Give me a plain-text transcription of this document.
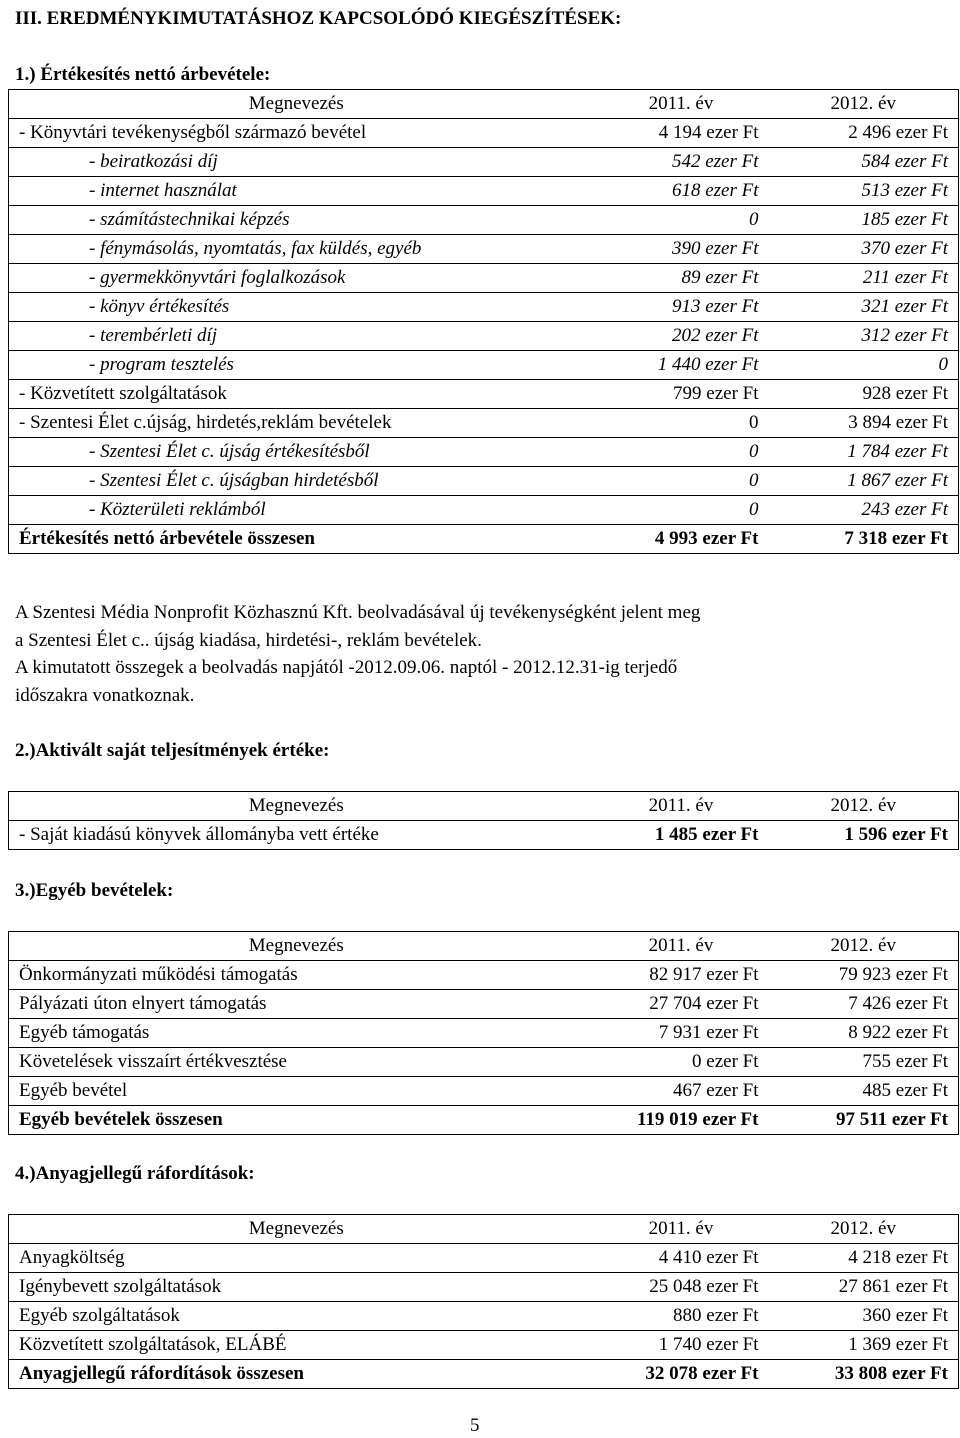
III. EREDMÉNYKIMUTATÁSHOZ KAPCSOLÓDÓ KIEGÉSZÍTÉSEK:
1.) Értékesítés nettó árbevétele:
Megnevezés	2011. év	2012. év
- Könyvtári tevékenységből származó bevétel	4 194 ezer Ft	2 496 ezer Ft
- beiratkozási díj	542 ezer Ft	584 ezer Ft
- internet használat	618 ezer Ft	513 ezer Ft
- számítástechnikai képzés	0	185 ezer Ft
- fénymásolás, nyomtatás, fax küldés, egyéb	390 ezer Ft	370 ezer Ft
- gyermekkönyvtári foglalkozások	89 ezer Ft	211 ezer Ft
- könyv értékesítés	913 ezer Ft	321 ezer Ft
- terembérleti díj	202 ezer Ft	312 ezer Ft
- program tesztelés	1 440 ezer Ft	0
- Közvetített szolgáltatások	799 ezer Ft	928 ezer Ft
- Szentesi Élet c.újság, hirdetés,reklám bevételek	0	3 894 ezer Ft
- Szentesi Élet c. újság értékesítésből	0	1 784 ezer Ft
- Szentesi Élet c. újságban hirdetésből	0	1 867 ezer Ft
- Közterületi reklámból	0	243 ezer Ft
Értékesítés nettó árbevétele összesen	4 993 ezer Ft	7 318 ezer Ft
A Szentesi Média Nonprofit Közhasznú Kft. beolvadásával új tevékenységként jelent meg
a Szentesi Élet c.. újság kiadása, hirdetési-, reklám bevételek.
A kimutatott összegek a beolvadás napjától -2012.09.06. naptól - 2012.12.31-ig terjedő
időszakra vonatkoznak.
2.)Aktivált saját teljesítmények értéke:
Megnevezés	2011. év	2012. év
- Saját kiadású könyvek állományba vett értéke	1 485 ezer Ft	1 596 ezer Ft
3.)Egyéb bevételek:
Megnevezés	2011. év	2012. év
Önkormányzati működési támogatás	82 917 ezer Ft	79 923 ezer Ft
Pályázati úton elnyert támogatás	27 704 ezer Ft	7 426 ezer Ft
Egyéb támogatás	7 931 ezer Ft	8 922 ezer Ft
Követelések visszaírt értékvesztése	0 ezer Ft	755 ezer Ft
Egyéb bevétel	467 ezer Ft	485 ezer Ft
Egyéb bevételek összesen	119 019 ezer Ft	97 511 ezer Ft
4.)Anyagjellegű ráfordítások:
Megnevezés	2011. év	2012. év
Anyagköltség	4 410 ezer Ft	4 218 ezer Ft
Igénybevett szolgáltatások	25 048 ezer Ft	27 861 ezer Ft
Egyéb szolgáltatások	880 ezer Ft	360 ezer Ft
Közvetített szolgáltatások, ELÁBÉ	1 740 ezer Ft	1 369 ezer Ft
Anyagjellegű ráfordítások összesen	32 078 ezer Ft	33 808 ezer Ft
5
